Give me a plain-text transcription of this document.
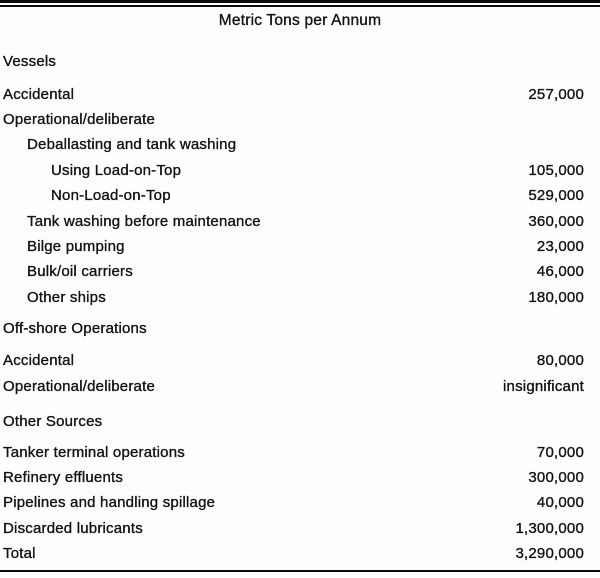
Metric Tons per Annum
Vessels
Accidental	257,000
Operational/deliberate
Deballasting and tank washing
Using Load-on-Top	105,000
Non-Load-on-Top	529,000
Tank washing before maintenance	360,000
Bilge pumping	23,000
Bulk/oil carriers	46,000
Other ships	180,000
Off-shore Operations
Accidental	80,000
Operational/deliberate	insignificant
Other Sources
Tanker terminal operations	70,000
Refinery effluents	300,000
Pipelines and handling spillage	40,000
Discarded lubricants	1,300,000
Total	3,290,000
